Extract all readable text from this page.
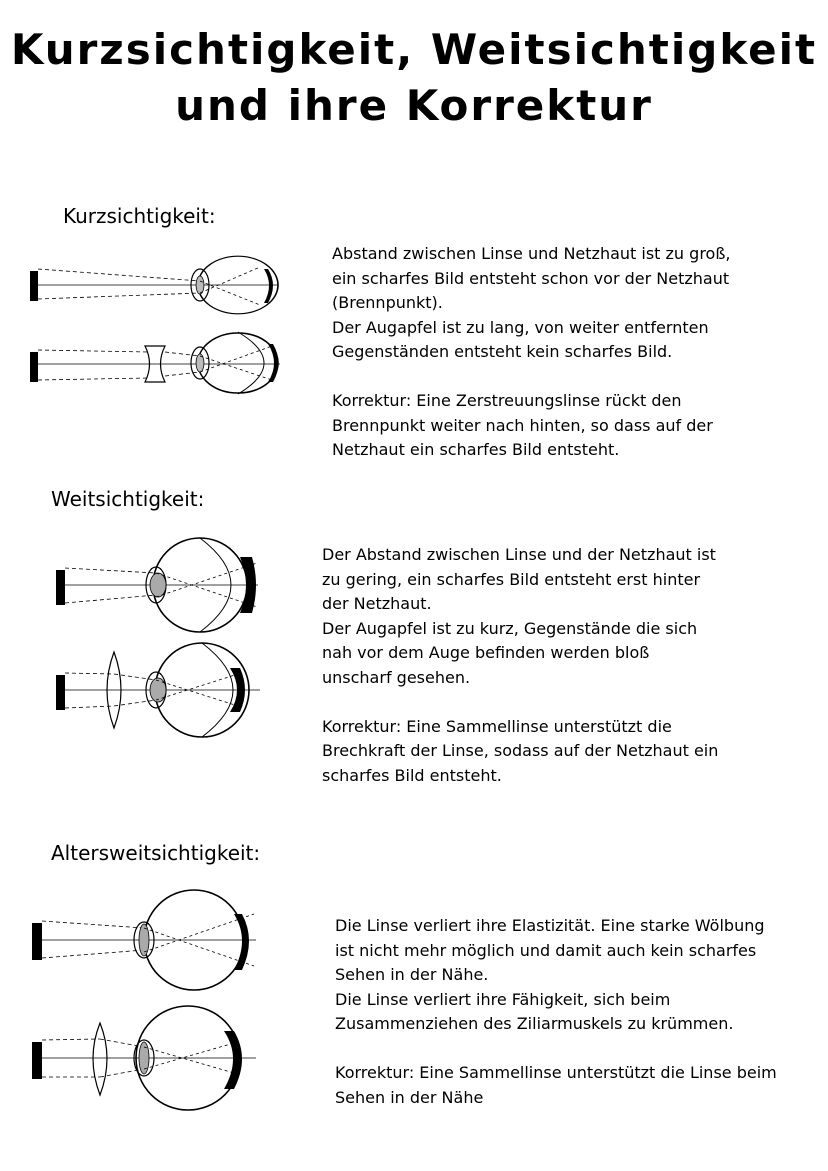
Kurzsichtigkeit, Weitsichtigkeit
und ihre Korrektur
Kurzsichtigkeit:

Abstand zwischen Linse und Netzhaut ist zu groß, ein scharfes Bild entsteht schon vor der Netzhaut (Brennpunkt).

Der Augapfel ist zu lang, von weiter entfernten Gegenständen entsteht kein scharfes Bild.

Korrektur: Eine Zerstreuungslinse rückt den Brennpunkt weiter nach hinten, so dass auf der Netzhaut ein scharfes Bild entsteht.

Weitsichtigkeit:

Der Abstand zwischen Linse und der Netzhaut ist zu gering, ein scharfes Bild entsteht erst hinter der Netzhaut.

Der Augapfel ist zu kurz, Gegenstände die sich nah vor dem Auge befinden werden bloß unscharf gesehen.

Korrektur: Eine Sammellinse unterstützt die Brechkraft der Linse, sodass auf der Netzhaut ein scharfes Bild entsteht.

Altersweitsichtigkeit:

Die Linse verliert ihre Elastizität. Eine starke Wölbung ist nicht mehr möglich und damit auch kein scharfes Sehen in der Nähe.

Die Linse verliert ihre Fähigkeit, sich beim Zusammenziehen des Ziliarmuskels zu krümmen.

Korrektur: Eine Sammellinse unterstützt die Linse beim Sehen in der Nähe
